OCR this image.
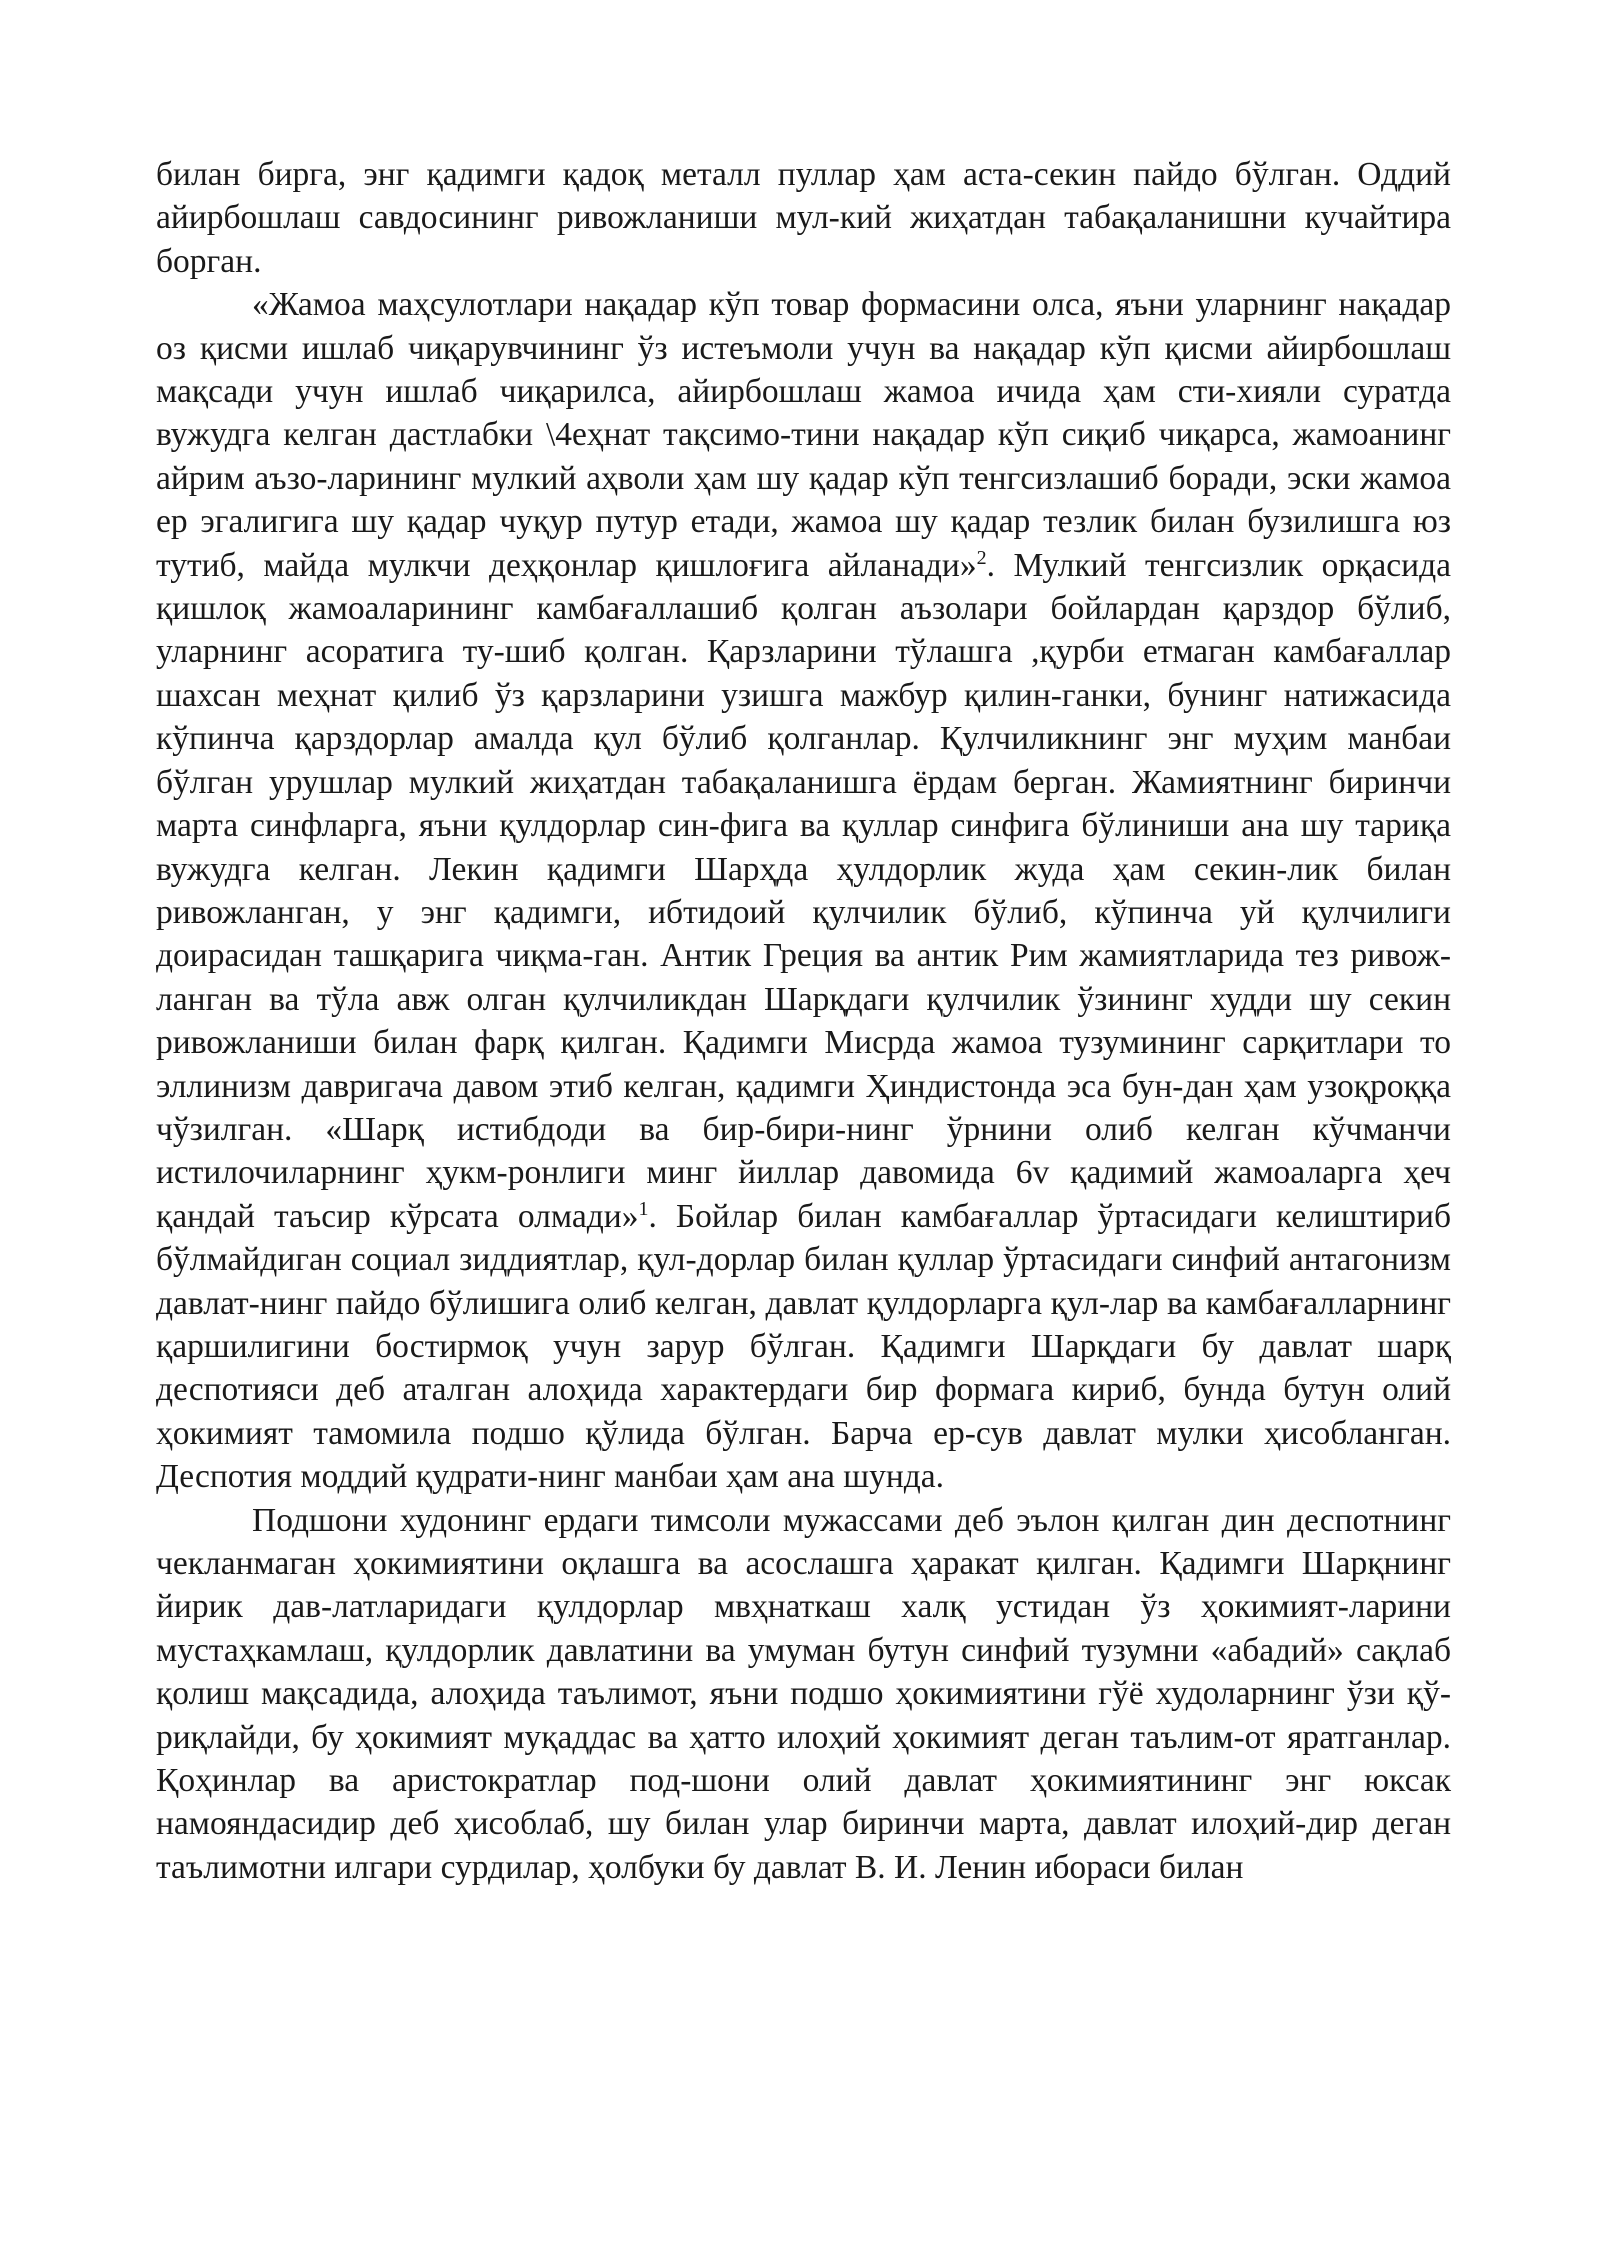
билан бирга, энг қадимги қадоқ металл пуллар ҳам аста-секин пайдо бўлган. Оддий айирбошлаш савдосининг ривожланиши мул-кий жиҳатдан табақаланишни кучайтира борган.

«Жамоа маҳсулотлари нақадар кўп товар формасини олса, яъни уларнинг нақадар оз қисми ишлаб чиқарувчининг ўз истеъмоли учун ва нақадар кўп қисми айирбошлаш мақсади учун ишлаб чиқарилса, айирбошлаш жамоа ичида ҳам сти-хияли суратда вужудга келган дастлабки \4еҳнат тақсимо-тини нақадар кўп сиқиб чиқарса, жамоанинг айрим аъзо-ларининг мулкий аҳволи ҳам шу қадар кўп тенгсизлашиб боради, эски жамоа ер эгалигига шу қадар чуқур путур етади, жамоа шу қадар тезлик билан бузилишга юз тутиб, майда мулкчи деҳқонлар қишлоғига айланади»$^2$. Мулкий тенгсизлик орқасида қишлоқ жамоаларининг камбағаллашиб қолган аъзолари бойлардан қарздор бўлиб, уларнинг асоратига ту-шиб қолган. Қарзларини тўлашга ,қурби етмаган камбағаллар шахсан меҳнат қилиб ўз қарзларини узишга мажбур қилин-ганки, бунинг натижасида кўпинча қарздорлар амалда қул бўлиб қолганлар. Қулчиликнинг энг муҳим манбаи бўлган урушлар мулкий жиҳатдан табақаланишга ёрдам берган. Жамиятнинг биринчи марта синфларга, яъни қулдорлар син-фига ва қуллар синфига бўлиниши ана шу тариқа вужудга келган. Лекин қадимги Шарҳда ҳулдорлик жуда ҳам секин-лик билан ривожланган, у энг қадимги, ибтидоий қулчилик бўлиб, кўпинча уй қулчилиги доирасидан ташқарига чиқма-ган. Антик Греция ва антик Рим жамиятларида тез ривож-ланган ва тўла авж олган қулчиликдан Шарқдаги қулчилик ўзининг худди шу секин ривожланиши билан фарқ қилган. Қадимги Мисрда жамоа тузумининг сарқитлари то эллинизм давригача давом этиб келган, қадимги Ҳиндистонда эса бун-дан ҳам узоқроққа чўзилган. «Шарқ истибдоди ва бир-бири-нинг ўрнини олиб келган кўчманчи истилочиларнинг ҳукм-ронлиги минг йиллар давомида 6v қадимий жамоаларга ҳеч қандай таъсир кўрсата олмади»$^1$. Бойлар билан камбағаллар ўртасидаги келиштириб бўлмайдиган социал зиддиятлар, қул-дорлар билан қуллар ўртасидаги синфий антагонизм давлат-нинг пайдо бўлишига олиб келган, давлат қулдорларга қул-лар ва камбағалларнинг қаршилигини бостирмоқ учун зарур бўлган. Қадимги Шарқдаги бу давлат шарқ деспотияси деб аталган алоҳида характердаги бир формага кириб, бунда бутун олий ҳокимият тамомила подшо қўлида бўлган. Барча ер-сув давлат мулки ҳисобланган. Деспотия моддий қудрати-нинг манбаи ҳам ана шунда.

Подшони худонинг ердаги тимсоли мужассами деб эълон қилган дин деспотнинг чекланмаган ҳокимиятини оқлашга ва асослашга ҳаракат қилган. Қадимги Шарқнинг йирик дав-латларидаги қулдорлар мвҳнаткаш халқ устидан ўз ҳокимият-ларини мустаҳкамлаш, қулдорлик давлатини ва умуман бутун синфий тузумни «абадий» сақлаб қолиш мақсадида, алоҳида таълимот, яъни подшо ҳокимиятини гўё худоларнинг ўзи қў-риқлайди, бу ҳокимият муқаддас ва ҳатто илоҳий ҳокимият деган таълим-от яратганлар. Қоҳинлар ва аристократлар под-шони олий давлат ҳокимиятининг энг юксак намояндасидир деб ҳисоблаб, шу билан улар биринчи марта, давлат илоҳий-дир деган таълимотни илгари сурдилар, ҳолбуки бу давлат В. И. Ленин ибораси билан
